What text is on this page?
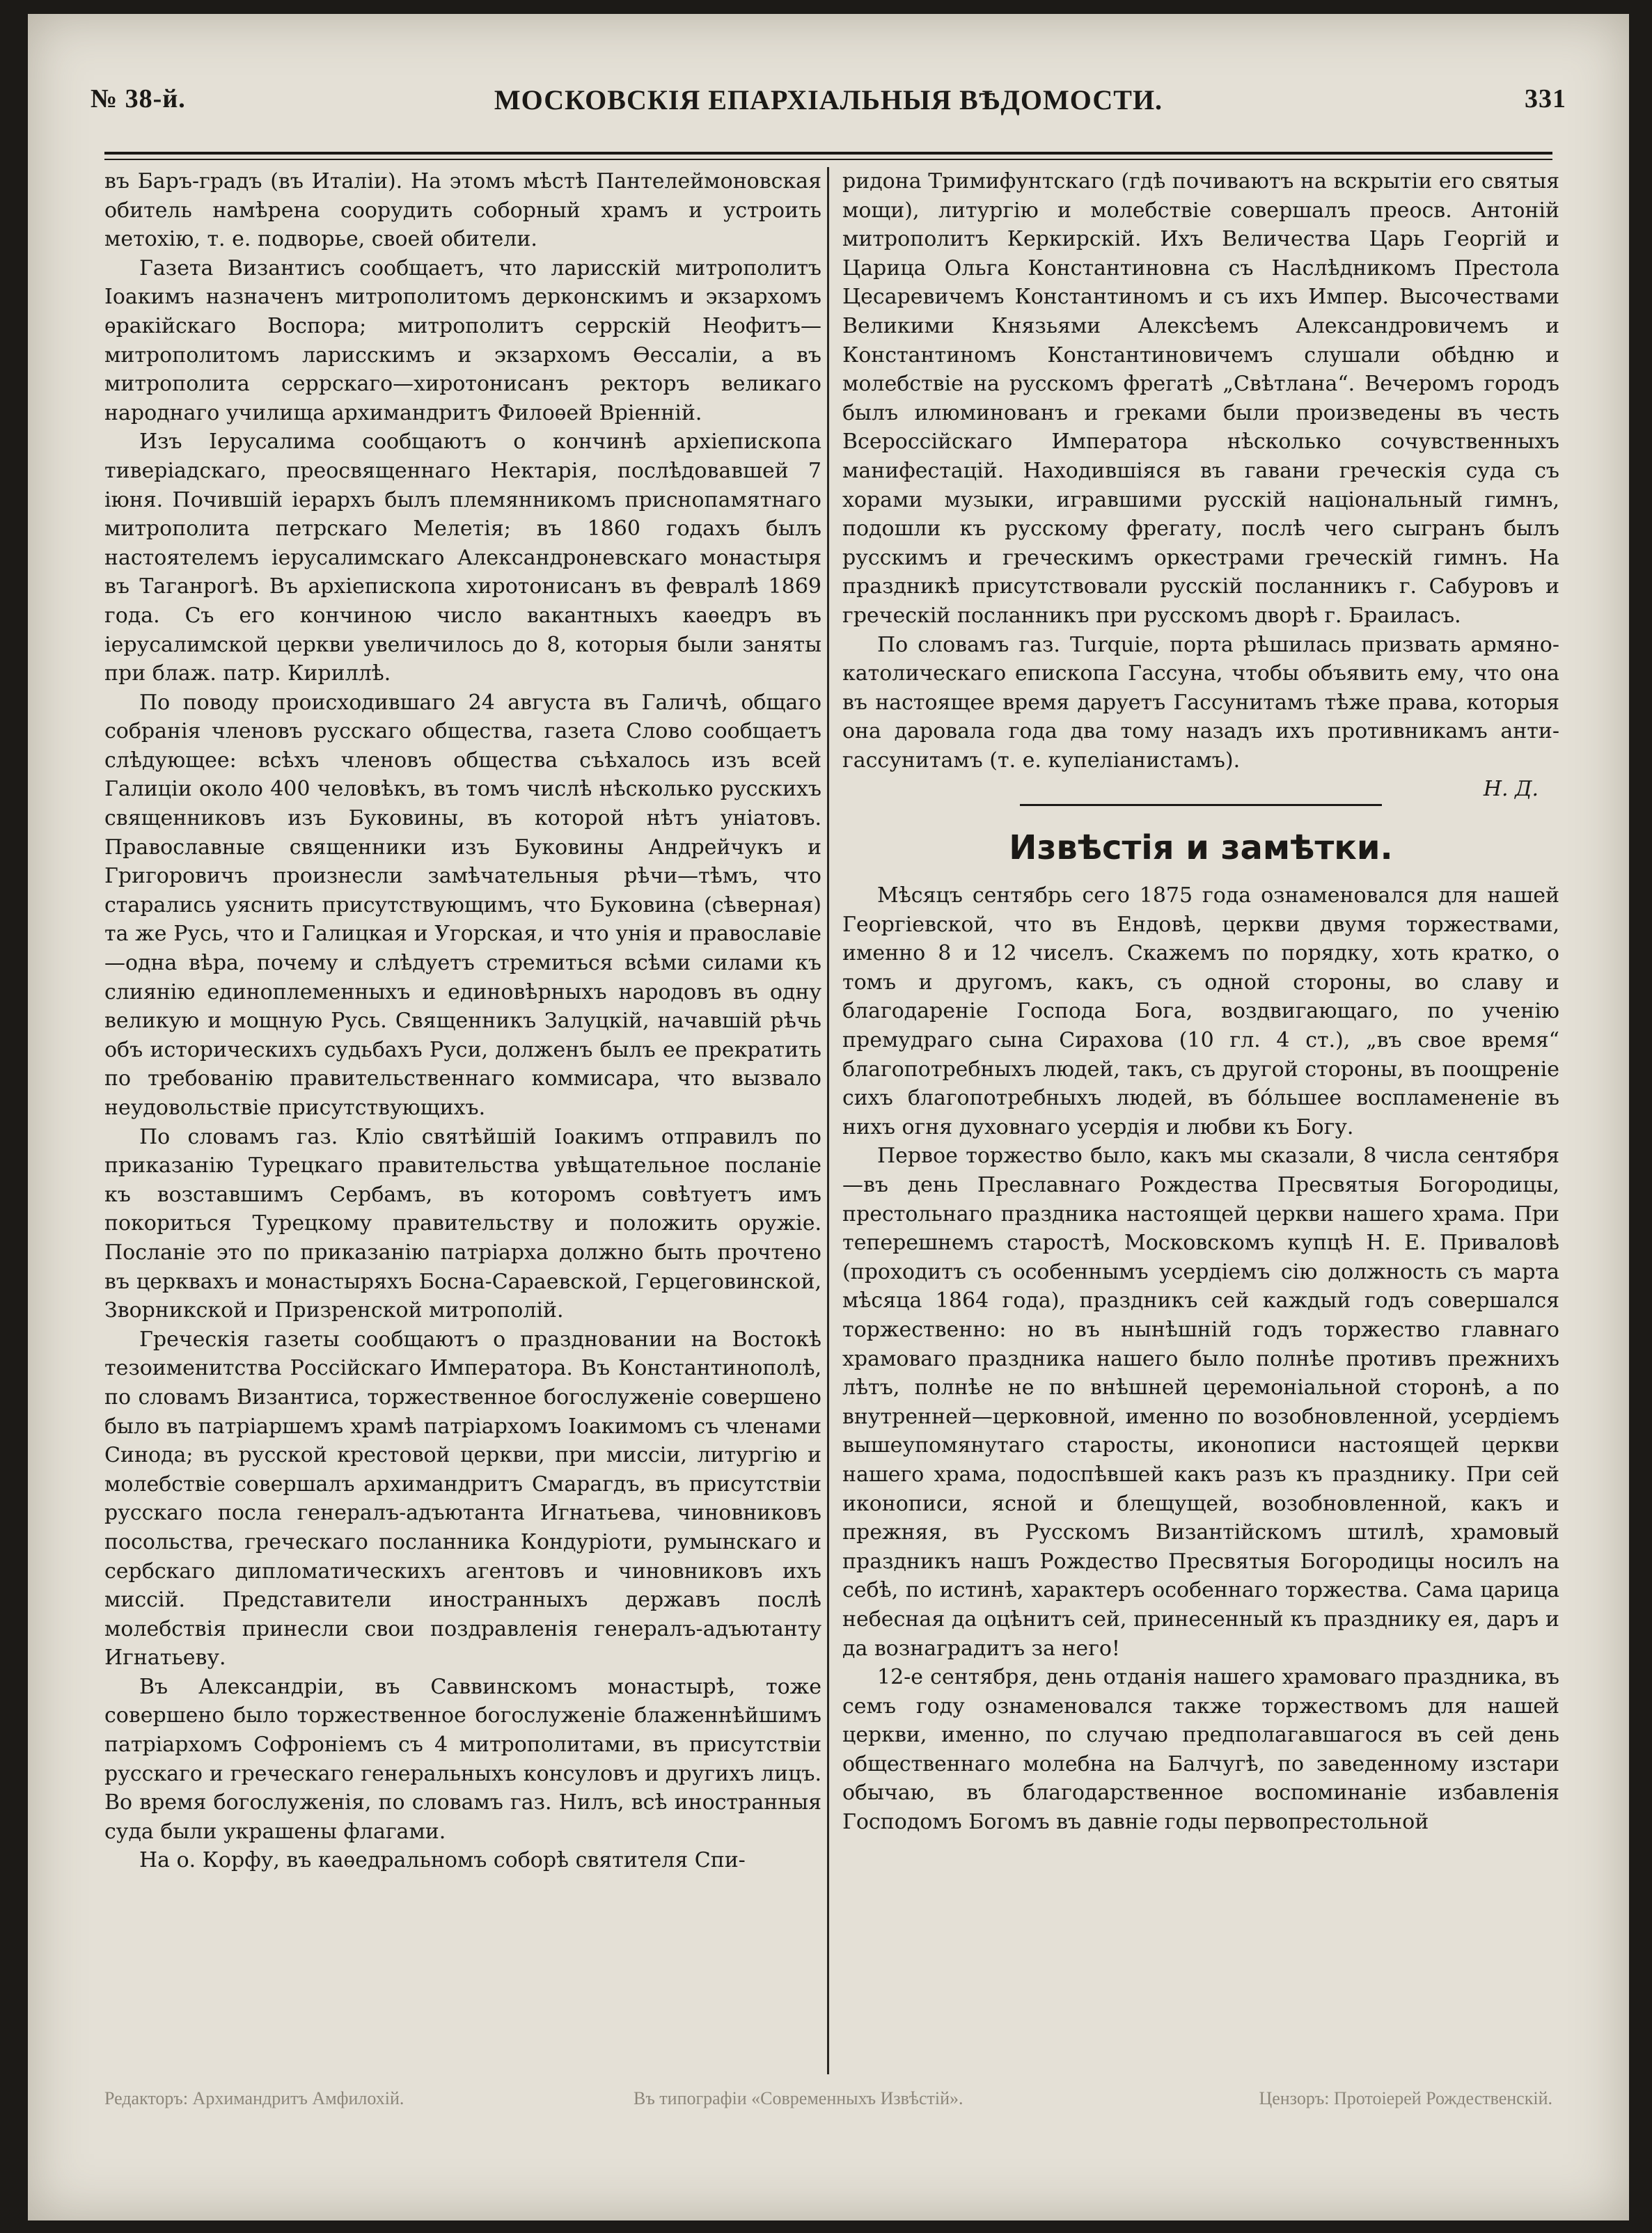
№ 38-й.	МОСКОВСКІЯ ЕПАРХІАЛЬНЫЯ ВѢДОМОСТИ.	331

въ Баръ-градъ (въ Италіи). На этомъ мѣстѣ Пантелеймоновская обитель намѣрена соорудить соборный храмъ и устроить метохію, т. е. подворье, своей обители.

Газета Византисъ сообщаетъ, что ларисскій митрополитъ Іоакимъ назначенъ митрополитомъ дерконскимъ и экзархомъ ѳракійскаго Воспора; митрополитъ серрскій Неофитъ—митрополитомъ ларисскимъ и экзархомъ Ѳессаліи, а въ митрополита серрскаго—хиротонисанъ ректоръ великаго народнаго училища архимандритъ Филоѳей Вріенній.

Изъ Іерусалима сообщаютъ о кончинѣ архіепископа тиверіадскаго, преосвященнаго Нектарія, послѣдовавшей 7 іюня. Почившій іерархъ былъ племянникомъ приснопамятнаго митрополита петрскаго Мелетія; въ 1860 годахъ былъ настоятелемъ іерусалимскаго Александроневскаго монастыря въ Таганрогѣ. Въ архіепископа хиротонисанъ въ февралѣ 1869 года. Съ его кончиною число вакантныхъ каѳедръ въ іерусалимской церкви увеличилось до 8, которыя были заняты при блаж. патр. Кириллѣ.

По поводу происходившаго 24 августа въ Галичѣ, общаго собранія членовъ русскаго общества, газета Слово сообщаетъ слѣдующее: всѣхъ членовъ общества съѣхалось изъ всей Галиціи около 400 человѣкъ, въ томъ числѣ нѣсколько русскихъ священниковъ изъ Буковины, въ которой нѣтъ уніатовъ. Православные священники изъ Буковины Андрейчукъ и Григоровичъ произнесли замѣчательныя рѣчи—тѣмъ, что старались уяснить присутствующимъ, что Буковина (сѣверная) та же Русь, что и Галицкая и Угорская, и что унія и православіе—одна вѣра, почему и слѣдуетъ стремиться всѣми силами къ слиянію единоплеменныхъ и единовѣрныхъ народовъ въ одну великую и мощную Русь. Священникъ Залуцкій, начавшій рѣчь объ историческихъ судьбахъ Руси, долженъ былъ ее прекратить по требованію правительственнаго коммисара, что вызвало неудовольствіе присутствующихъ.

По словамъ газ. Кліо святѣйшій Іоакимъ отправилъ по приказанію Турецкаго правительства увѣщательное посланіе къ возставшимъ Сербамъ, въ которомъ совѣтуетъ имъ покориться Турецкому правительству и положить оружіе. Посланіе это по приказанію патріарха должно быть прочтено въ церквахъ и монастыряхъ Босна-Сараевской, Герцеговинской, Зворникской и Призренской митрополій.

Греческія газеты сообщаютъ о праздновании на Востокѣ тезоименитства Россійскаго Императора. Въ Константинополѣ, по словамъ Византиса, торжественное богослуженіе совершено было въ патріаршемъ храмѣ патріархомъ Іоакимомъ съ членами Синода; въ русской крестовой церкви, при миссіи, литургію и молебствіе совершалъ архимандритъ Смарагдъ, въ присутствіи русскаго посла генералъ-адъютанта Игнатьева, чиновниковъ посольства, греческаго посланника Кондуріоти, румынскаго и сербскаго дипломатическихъ агентовъ и чиновниковъ ихъ миссій. Представители иностранныхъ державъ послѣ молебствія принесли свои поздравленія генералъ-адъютанту Игнатьеву.

Въ Александріи, въ Саввинскомъ монастырѣ, тоже совершено было торжественное богослуженіе блаженнѣйшимъ патріархомъ Софроніемъ съ 4 митрополитами, въ присутствіи русскаго и греческаго генеральныхъ консуловъ и другихъ лицъ. Во время богослуженія, по словамъ газ. Нилъ, всѣ иностранныя суда были украшены флагами.

На о. Корфу, въ каѳедральномъ соборѣ святителя Спи-

ридона Тримифунтскаго (гдѣ почиваютъ на вскрытіи его святыя мощи), литургію и молебствіе совершалъ преосв. Антоній митрополитъ Керкирскій. Ихъ Величества Царь Георгій и Царица Ольга Константиновна съ Наслѣдникомъ Престола Цесаревичемъ Константиномъ и съ ихъ Импер. Высочествами Великими Князьями Алексѣемъ Александровичемъ и Константиномъ Константиновичемъ слушали обѣдню и молебствіе на русскомъ фрегатѣ „Свѣтлана“. Вечеромъ городъ былъ илюминованъ и греками были произведены въ честь Всероссійскаго Императора нѣсколько сочувственныхъ манифестацій. Находившіяся въ гавани греческія суда съ хорами музыки, игравшими русскій національный гимнъ, подошли къ русскому фрегату, послѣ чего сыгранъ былъ русскимъ и греческимъ оркестрами греческій гимнъ. На праздникѣ присутствовали русскій посланникъ г. Сабуровъ и греческій посланникъ при русскомъ дворѣ г. Браиласъ.

По словамъ газ. Turquie, порта рѣшилась призвать армяно-католическаго епископа Гассуна, чтобы объявить ему, что она въ настоящее время даруетъ Гассунитамъ тѣже права, которыя она даровала года два тому назадъ ихъ противникамъ анти-гассунитамъ (т. е. купеліанистамъ).

Н. Д.

Извѣстія и замѣтки.

Мѣсяцъ сентябрь сего 1875 года ознаменовался для нашей Георгіевской, что въ Ендовѣ, церкви двумя торжествами, именно 8 и 12 чиселъ. Скажемъ по порядку, хоть кратко, о томъ и другомъ, какъ, съ одной стороны, во славу и благодареніе Господа Бога, воздвигающаго, по ученію премудраго сына Сирахова (10 гл. 4 ст.), „въ свое время“ благопотребныхъ людей, такъ, съ другой стороны, въ поощреніе сихъ благопотребныхъ людей, въ бо́льшее воспламененіе въ нихъ огня духовнаго усердія и любви къ Богу.

Первое торжество было, какъ мы сказали, 8 числа сентября—въ день Преславнаго Рождества Пресвятыя Богородицы, престольнаго праздника настоящей церкви нашего храма. При теперешнемъ старостѣ, Московскомъ купцѣ Н. Е. Приваловѣ (проходитъ съ особеннымъ усердіемъ сію должность съ марта мѣсяца 1864 года), праздникъ сей каждый годъ совершался торжественно: но въ нынѣшній годъ торжество главнаго храмоваго праздника нашего было полнѣе противъ прежнихъ лѣтъ, полнѣе не по внѣшней церемоніальной сторонѣ, а по внутренней—церковной, именно по возобновленной, усердіемъ вышеупомянутаго старосты, иконописи настоящей церкви нашего храма, подоспѣвшей какъ разъ къ празднику. При сей иконописи, ясной и блещущей, возобновленной, какъ и прежняя, въ Русскомъ Византійскомъ штилѣ, храмовый праздникъ нашъ Рождество Пресвятыя Богородицы носилъ на себѣ, по истинѣ, характеръ особеннаго торжества. Сама царица небесная да оцѣнитъ сей, принесенный къ празднику ея, даръ и да вознаградитъ за него!

12-е сентября, день отданія нашего храмоваго праздника, въ семъ году ознаменовался также торжествомъ для нашей церкви, именно, по случаю предполагавшагося въ сей день общественнаго молебна на Балчугѣ, по заведенному изстари обычаю, въ благодарственное воспоминаніе избавленія Господомъ Богомъ въ давніе годы первопрестольной

Редакторъ: Архимандритъ Амфилохій.	Въ типографіи «Современныхъ Извѣстій».	Цензоръ: Протоіерей Рождественскій.
